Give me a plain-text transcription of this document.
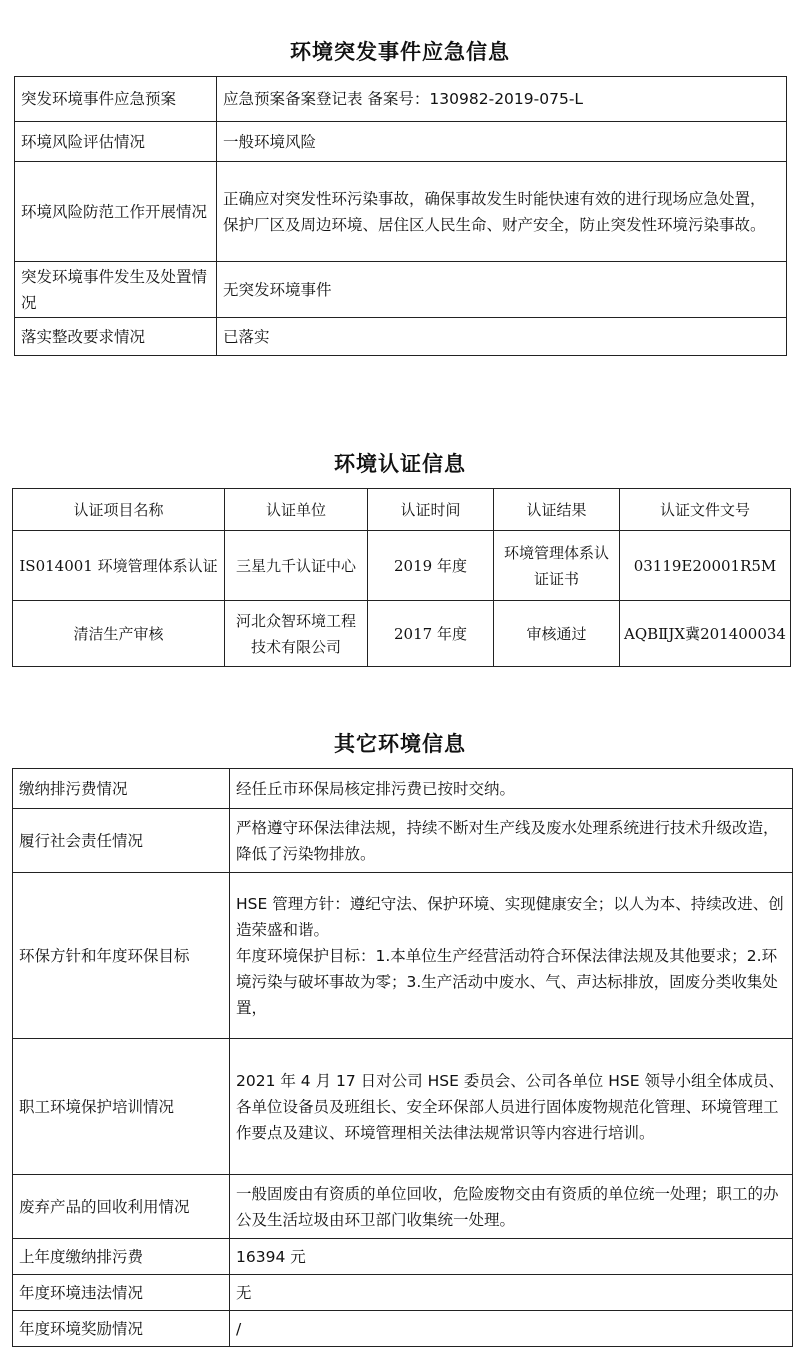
环境突发事件应急信息
突发环境事件应急预案	应急预案备案登记表 备案号：130982-2019-075-L
环境风险评估情况	一般环境风险
环境风险防范工作开展情况	正确应对突发性环污染事故，确保事故发生时能快速有效的进行现场应急处置，保护厂区及周边环境、居住区人民生命、财产安全，防止突发性环境污染事故。
突发环境事件发生及处置情况	无突发环境事件
落实整改要求情况	已落实
环境认证信息
认证项目名称	认证单位	认证时间	认证结果	认证文件文号
IS014001 环境管理体系认证	三星九千认证中心	2019 年度	环境管理体系认证证书	03119E20001R5M
清洁生产审核	河北众智环境工程技术有限公司	2017 年度	审核通过	AQBⅡJX冀201400034
其它环境信息
缴纳排污费情况	经任丘市环保局核定排污费已按时交纳。
履行社会责任情况	严格遵守环保法律法规，持续不断对生产线及废水处理系统进行技术升级改造，降低了污染物排放。
环保方针和年度环保目标	HSE 管理方针：遵纪守法、保护环境、实现健康安全；以人为本、持续改进、创造荣盛和谐。
年度环境保护目标：1.本单位生产经营活动符合环保法律法规及其他要求；2.环境污染与破坏事故为零；3.生产活动中废水、气、声达标排放，固废分类收集处置，
职工环境保护培训情况	2021 年 4 月 17 日对公司 HSE 委员会、公司各单位 HSE 领导小组全体成员、各单位设备员及班组长、安全环保部人员进行固体废物规范化管理、环境管理工作要点及建议、环境管理相关法律法规常识等内容进行培训。
废弃产品的回收利用情况	一般固废由有资质的单位回收，危险废物交由有资质的单位统一处理；职工的办公及生活垃圾由环卫部门收集统一处理。
上年度缴纳排污费	16394 元
年度环境违法情况	无
年度环境奖励情况	/
